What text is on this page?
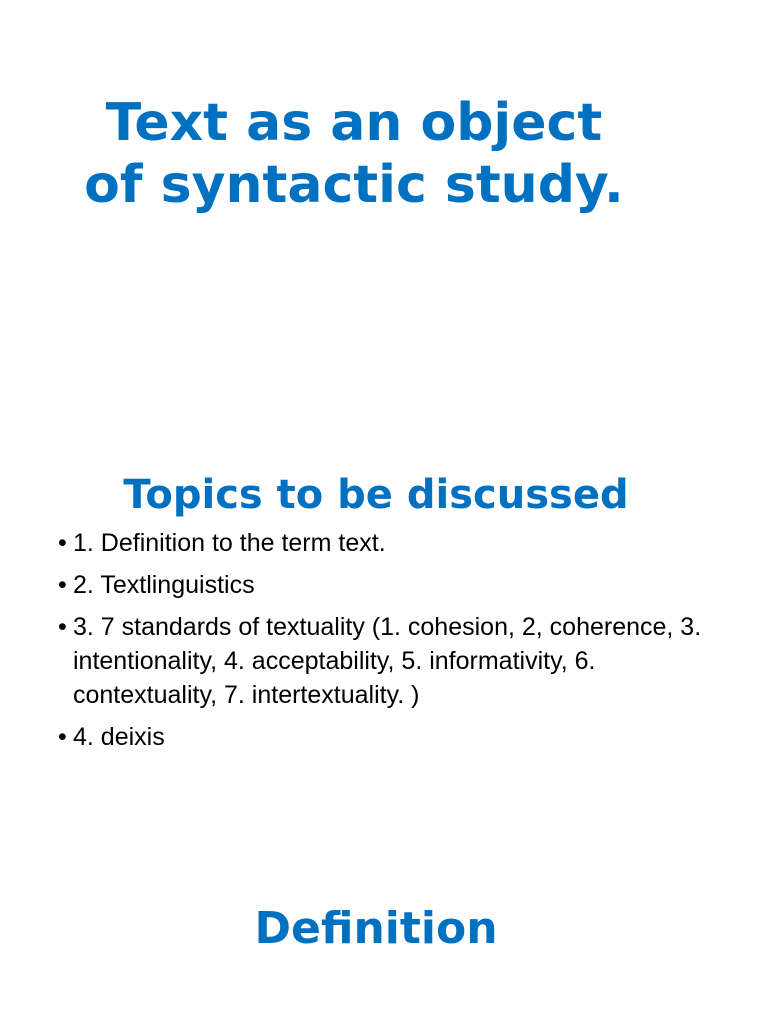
Text as an object
of syntactic study.
Topics to be discussed
• 1. Definition to the term text.
• 2. Textlinguistics
• 3. 7 standards of textuality (1. cohesion, 2, coherence, 3. intentionality, 4. acceptability, 5. informativity, 6. contextuality, 7. intertextuality. )
• 4. deixis
Definition
